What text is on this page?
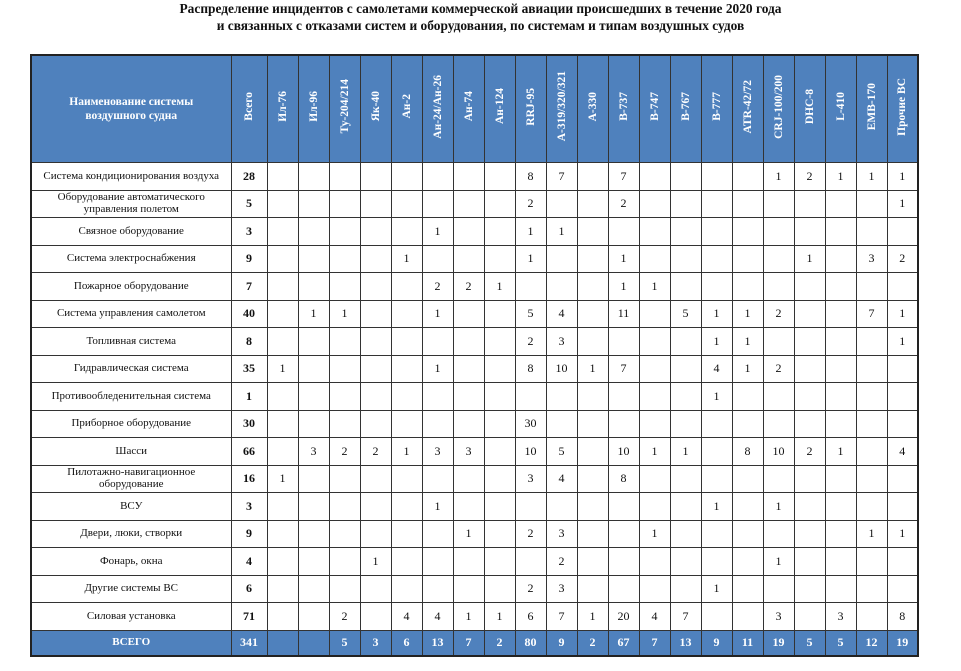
Распределение инцидентов с самолетами коммерческой авиации происшедших в течение 2020 года
и связанных с отказами систем и оборудования, по системам и типам воздушных судов
Наименование системы воздушного судна	Всего	Ил-76	Ил-96	Ту-204/214	Як-40	Ан-2	Ан-24/Ан-26	Ан-74	Ан-124	RRJ-95	А-319/320/321	А-330	В-737	В-747	В-767	В-777	ATR-42/72	CRJ-100/200	DHC-8	L-410	EMB-170	Прочие ВС
Система кондиционирования воздуха	28									8	7		7					1	2	1	1	1
Оборудование автоматического управления полетом	5									2			2									1
Связное оборудование	3						1			1	1											
Система электроснабжения	9					1				1			1						1		3	2
Пожарное оборудование	7						2	2	1				1	1								
Система управления самолетом	40		1	1			1			5	4		11		5	1	1	2			7	1
Топливная система	8									2	3					1	1					1
Гидравлическая система	35	1					1			8	10	1	7			4	1	2				
Противообледенительная система	1															1						
Приборное оборудование	30									30												
Шасси	66		3	2	2	1	3	3		10	5		10	1	1		8	10	2	1		4
Пилотажно-навигационное оборудование	16	1								3	4		8									
ВСУ	3						1									1		1				
Двери, люки, створки	9							1		2	3			1							1	1
Фонарь, окна	4				1						2							1				
Другие системы ВС	6									2	3					1						
Силовая установка	71			2		4	4	1	1	6	7	1	20	4	7			3		3		8
ВСЕГО	341			5	3	6	13	7	2	80	9	2	67	7	13	9	11	19	5	5	12	19
